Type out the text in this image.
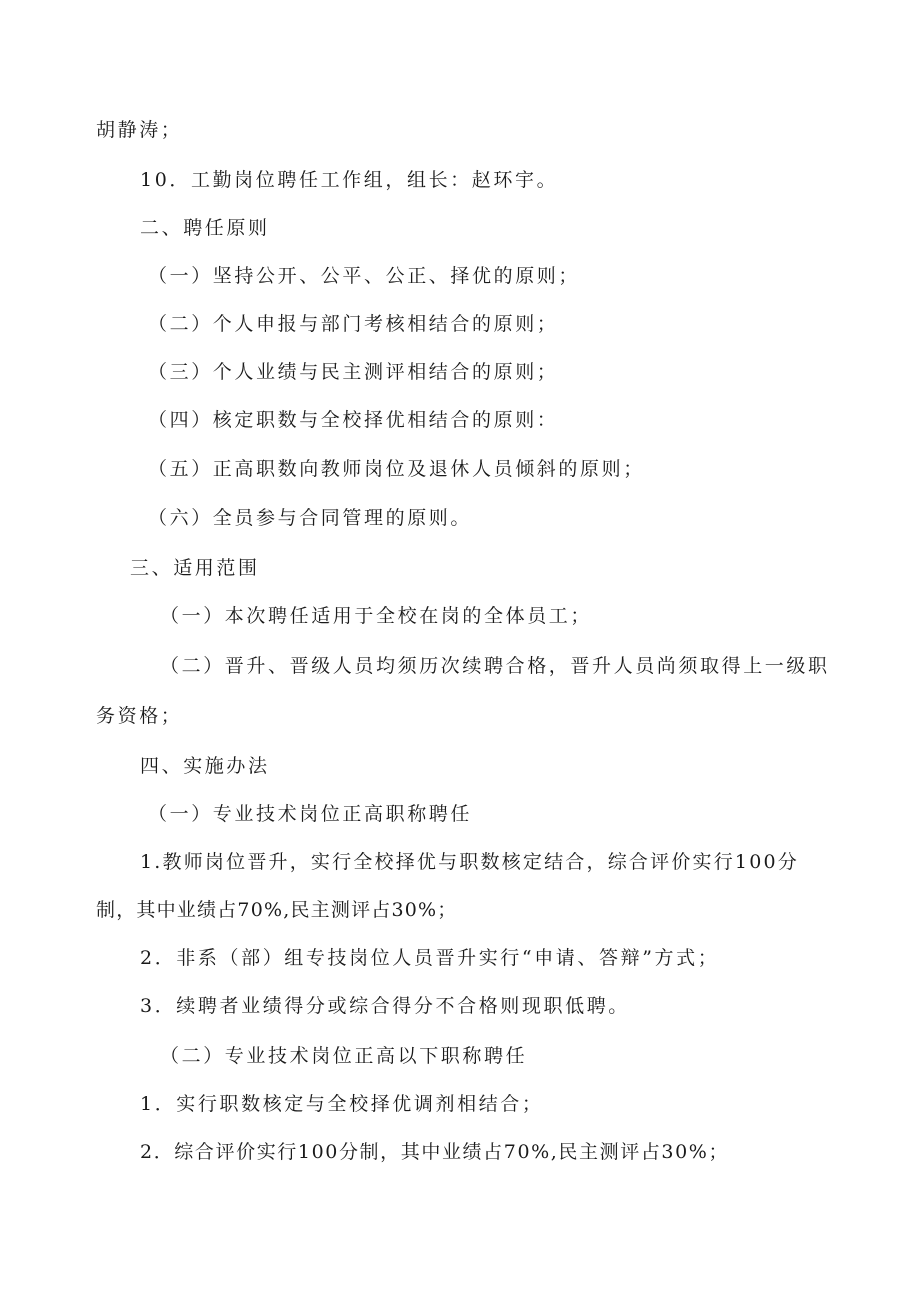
胡静涛；
10．工勤岗位聘任工作组，组长：赵环宇。
二、聘任原则
（一）坚持公开、公平、公正、择优的原则；
（二）个人申报与部门考核相结合的原则；
（三）个人业绩与民主测评相结合的原则；
（四）核定职数与全校择优相结合的原则：
（五）正高职数向教师岗位及退休人员倾斜的原则；
（六）全员参与合同管理的原则。
三、适用范围
（一）本次聘任适用于全校在岗的全体员工；
（二）晋升、晋级人员均须历次续聘合格，晋升人员尚须取得上一级职
务资格；
四、实施办法
（一）专业技术岗位正高职称聘任
1.教师岗位晋升，实行全校择优与职数核定结合，综合评价实行100分
制，其中业绩占70%,民主测评占30%；
2．非系（部）组专技岗位人员晋升实行“申请、答辩”方式；
3．续聘者业绩得分或综合得分不合格则现职低聘。
（二）专业技术岗位正高以下职称聘任
1．实行职数核定与全校择优调剂相结合；
2．综合评价实行100分制，其中业绩占70%,民主测评占30%；
